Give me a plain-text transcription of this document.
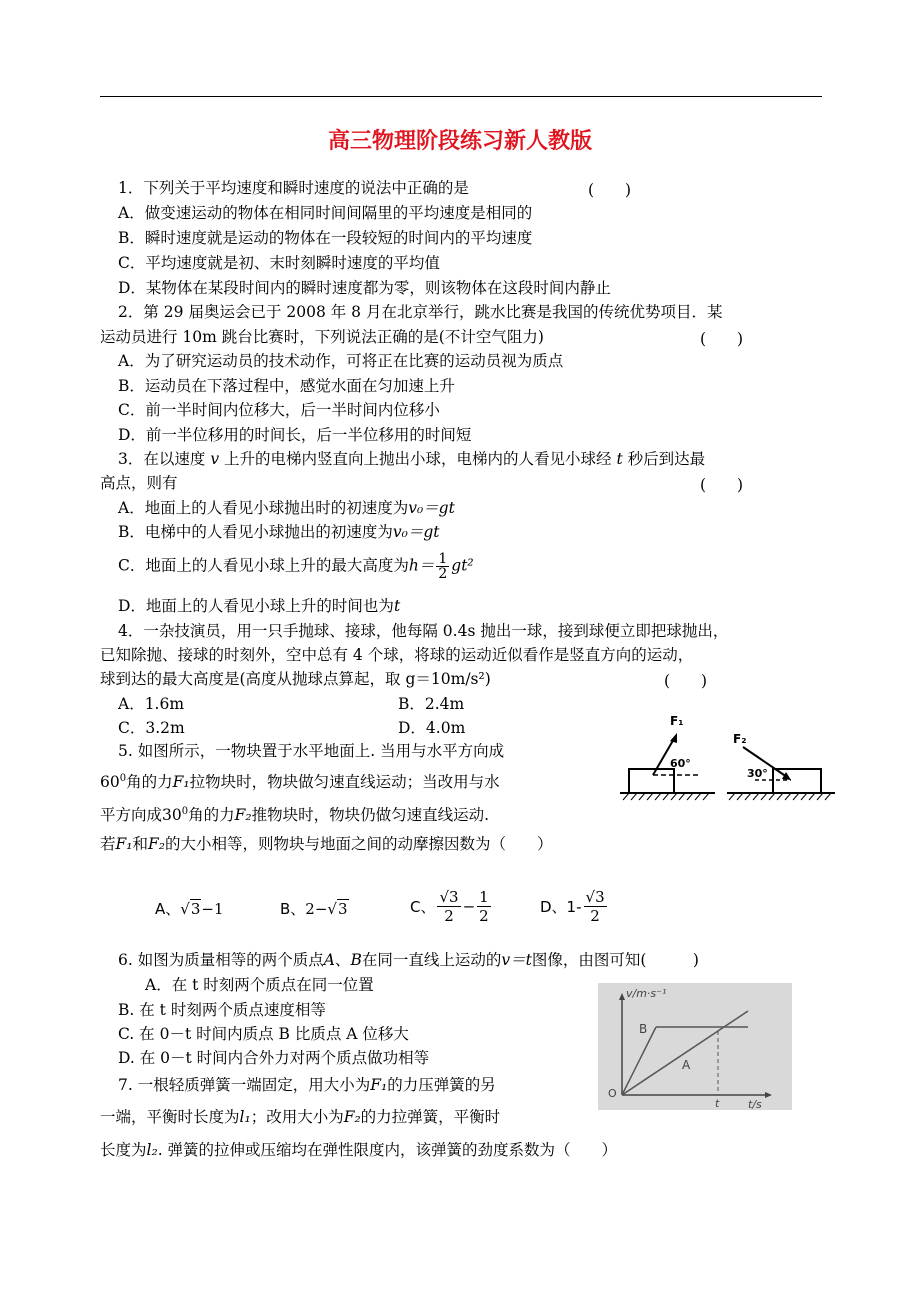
高三物理阶段练习新人教版
1．下列关于平均速度和瞬时速度的说法中正确的是	(　　)
A．做变速运动的物体在相同时间间隔里的平均速度是相同的
B．瞬时速度就是运动的物体在一段较短的时间内的平均速度
C．平均速度就是初、末时刻瞬时速度的平均值
D．某物体在某段时间内的瞬时速度都为零，则该物体在这段时间内静止
2．第 29 届奥运会已于 2008 年 8 月在北京举行，跳水比赛是我国的传统优势项目．某
运动员进行 10m 跳台比赛时，下列说法正确的是(不计空气阻力)	(　　)
A．为了研究运动员的技术动作，可将正在比赛的运动员视为质点
B．运动员在下落过程中，感觉水面在匀加速上升
C．前一半时间内位移大，后一半时间内位移小
D．前一半位移用的时间长，后一半位移用的时间短
3．在以速度 v 上升的电梯内竖直向上抛出小球，电梯内的人看见小球经 t 秒后到达最
高点，则有	(　　)
A．地面上的人看见小球抛出时的初速度为v₀＝gt
B．电梯中的人看见小球抛出的初速度为v₀＝gt
C．地面上的人看见小球上升的最大高度为$h= \frac{1}{2} gt^2$
D．地面上的人看见小球上升的时间也为t
4．一杂技演员，用一只手抛球、接球，他每隔 0.4s 抛出一球，接到球便立即把球抛出，
已知除抛、接球的时刻外，空中总有 4 个球，将球的运动近似看作是竖直方向的运动，
球到达的最大高度是(高度从抛球点算起，取 g＝10m/s²)	(　　)
A．1.6m	B．2.4m
C．3.2m	D．4.0m
5. 如图所示，一物块置于水平地面上. 当用与水平方向成
$60^0$角的力F₁拉物块时，物块做匀速直线运动；当改用与水
平方向成$30^0$角的力F₂推物块时，物块仍做匀速直线运动.
若F₁和F₂的大小相等，则物块与地面之间的动摩擦因数为（　　）
F₁
60°
F₂
30°
A、√3−1	B、2−√3	C、 $\frac{√3}{2} - \frac{1}{2}$	D、$1- \frac{√3}{2}$
6. 如图为质量相等的两个质点A、B在同一直线上运动的v＝t图像，由图可知(　　　)
A．在 t 时刻两个质点在同一位置
B. 在 t 时刻两个质点速度相等
C. 在 0－t 时间内质点 B 比质点 A 位移大
D. 在 0－t 时间内合外力对两个质点做功相等
v/m·s⁻¹
t/s
O
t
B
A
7. 一根轻质弹簧一端固定，用大小为F₁的力压弹簧的另
一端，平衡时长度为l₁；改用大小为F₂的力拉弹簧，平衡时
长度为l₂. 弹簧的拉伸或压缩均在弹性限度内，该弹簧的劲度系数为（　　）
